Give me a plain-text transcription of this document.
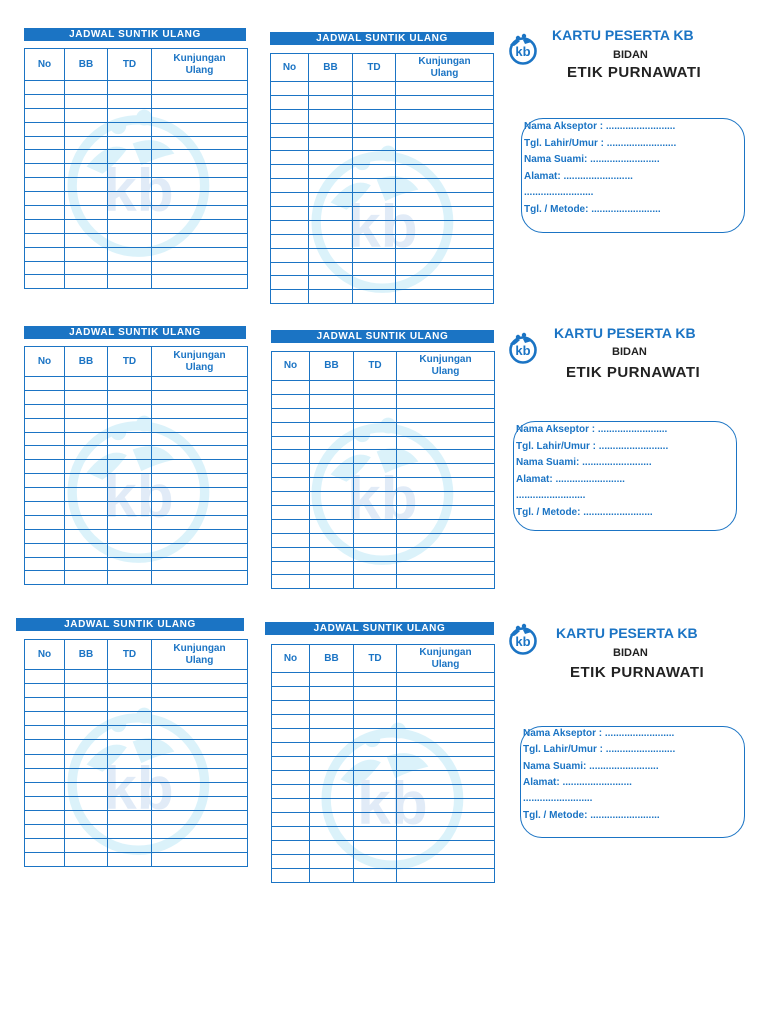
kb
kb
kb kb
kb kb
JADWAL SUNTIK ULANG
No	BB	TD	Kunjungan
Ulang

JADWAL SUNTIK ULANG
No	BB	TD	Kunjungan
Ulang

JADWAL SUNTIK ULANG
No	BB	TD	Kunjungan
Ulang

JADWAL SUNTIK ULANG
No	BB	TD	Kunjungan
Ulang

JADWAL SUNTIK ULANG
No	BB	TD	Kunjungan
Ulang

JADWAL SUNTIK ULANG
No	BB	TD	Kunjungan
Ulang

kb
KARTU PESERTA KB
BIDAN
ETIK PURNAWATI
Nama Akseptor : .........................
Tgl. Lahir/Umur : .........................
Nama Suami: .........................
Alamat: .........................
.........................
Tgl. / Metode: .........................
kb
KARTU PESERTA KB
BIDAN
ETIK PURNAWATI
Nama Akseptor : .........................
Tgl. Lahir/Umur : .........................
Nama Suami: .........................
Alamat: .........................
.........................
Tgl. / Metode: .........................
kb
KARTU PESERTA KB
BIDAN
ETIK PURNAWATI
Nama Akseptor : .........................
Tgl. Lahir/Umur : .........................
Nama Suami: .........................
Alamat: .........................
.........................
Tgl. / Metode: .........................
